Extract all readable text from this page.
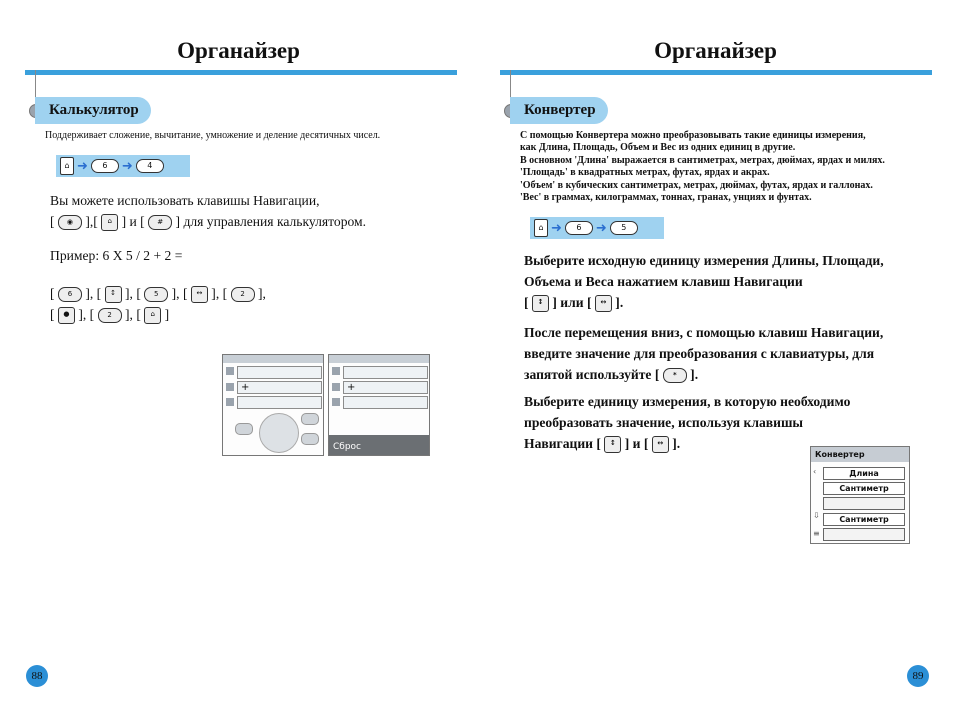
Органайзер
Калькулятор
Поддерживает сложение, вычитание, умножение и деление десятичных чисел.
⌂ ➜	6	➜	4
Вы можете использовать клавишы Навигации,
[ ◉ ],[ ⌂ ] и [ # ] для управления калькулятором.
Пример: 6 X 5 / 2 + 2 =
[ 6 ], [ ↕ ], [ 5 ], [ ↔ ], [ 2 ],
[ ● ], [ 2 ], [ ⌂ ]
+	+
Сброс
88
Органайзер
Конвертер
С помощью Конвертера можно преобразовывать такие единицы измерения,
как Длина, Площадь, Объем и Вес из одних единиц в другие.
В основном 'Длина' выражается в сантиметрах, метрах, дюймах, ярдах и милях.
'Площадь' в квадратных метрах, футах, ярдах и акрах.
'Объем' в кубических сантиметрах, метрах, дюймах, футах, ярдах и галлонах.
'Вес' в граммах, килограммах, тоннах, гранах, унциях и фунтах.
⌂ ➜	6	➜	5
Выберите исходную единицу измерения Длины, Площади,
Объема и Веса нажатием клавиш Навигации
[ ↕ ] или [ ↔ ].
После перемещения вниз, с помощью клавиш Навигации,
введите значение для преобразования с клавиатуры, для
запятой используйте [ * ].
Выберите единицу измерения, в которую необходимо
преобразовать значение, используя клавишы
Навигации [ ↕ ] и [ ↔ ].
Конвертер
‹	Длина
Сантиметр
⇩	Сантиметр
≡
89
